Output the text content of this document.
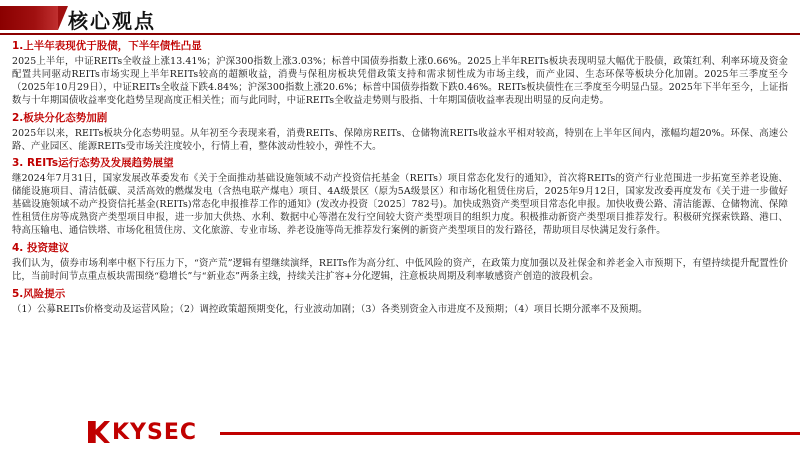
核心观点
1.上半年表现优于股债，下半年债性凸显

2025上半年，中证REITs全收益上涨13.41%；沪深300指数上涨3.03%；标普中国债券指数上涨0.66%。2025上半年REITs板块表现明显大幅优于股债，政策红利、利率环境及资金配置共同驱动REITs市场实现上半年REITs较高的超额收益，消费与保租房板块凭借政策支持和需求韧性成为市场主线，而产业园、生态环保等板块分化加剧。2025年三季度至今（2025年10月29日），中证REITs全收益下跌4.84%；沪深300指数上涨20.6%；标普中国债券指数下跌0.46%。REITs板块债性在三季度至今明显凸显。2025年下半年至今，上证指数与十年期国债收益率变化趋势呈现高度正相关性；而与此同时，中证REITs全收益走势则与股指、十年期国债收益率表现出明显的反向走势。

2.板块分化态势加剧

2025年以来，REITs板块分化态势明显。从年初至今表现来看，消费REITs、保障房REITs、仓储物流REITs收益水平相对较高，特别在上半年区间内，涨幅均超20%。环保、高速公路、产业园区、能源REITs受市场关注度较小，行情上看，整体波动性较小，弹性不大。

3. REITs运行态势及发展趋势展望

继2024年7月31日，国家发展改革委发布《关于全面推动基础设施领域不动产投资信托基金（REITs）项目常态化发行的通知》，首次将REITs的资产行业范围进一步拓宽至养老设施、储能设施项目、清洁低碳、灵活高效的燃煤发电（含热电联产煤电）项目、4A级景区（原为5A级景区）和市场化租赁住房后，2025年9月12日，国家发改委再度发布《关于进一步做好基础设施领域不动产投资信托基金(REITs)常态化申报推荐工作的通知》(发改办投资〔2025〕782号)。加快成熟资产类型项目常态化申报。加快收费公路、清洁能源、仓储物流、保障性租赁住房等成熟资产类型项目申报，进一步加大供热、水利、数据中心等潜在发行空间较大资产类型项目的组织力度。积极推动新资产类型项目推荐发行。积极研究探索铁路、港口、特高压输电、通信铁塔、市场化租赁住房、文化旅游、专业市场、养老设施等尚无推荐发行案例的新资产类型项目的发行路径，帮助项目尽快满足发行条件。

4. 投资建议

我们认为，债券市场利率中枢下行压力下，“资产荒”逻辑有望继续演绎，REITs作为高分红、中低风险的资产，在政策力度加强以及社保金和养老金入市预期下，有望持续提升配置性价比，当前时间节点重点板块需围绕“稳增长”与“新业态”两条主线，持续关注扩容+分化逻辑，注意板块周期及利率敏感资产创造的波段机会。

5.风险提示

（1）公募REITs价格变动及运营风险；（2）调控政策超预期变化，行业波动加剧；（3）各类别资金入市进度不及预期；（4）项目长期分派率不及预期。

KYSEC
